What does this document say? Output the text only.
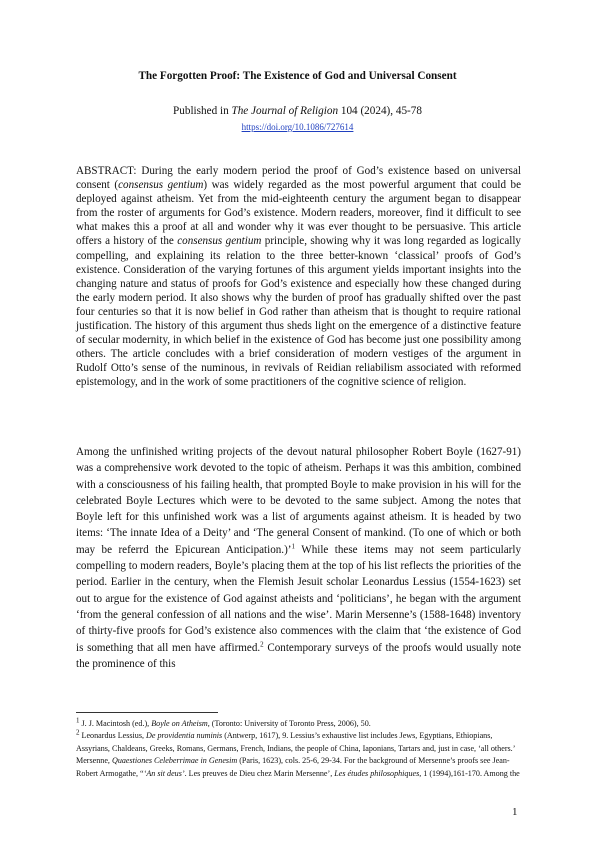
The Forgotten Proof: The Existence of God and Universal Consent
Published in The Journal of Religion 104 (2024), 45-78
https://doi.org/10.1086/727614
ABSTRACT: During the early modern period the proof of God’s existence based on universal consent (consensus gentium) was widely regarded as the most powerful argument that could be deployed against atheism. Yet from the mid-eighteenth century the argument began to disappear from the roster of arguments for God’s existence. Modern readers, moreover, find it difficult to see what makes this a proof at all and wonder why it was ever thought to be persuasive. This article offers a history of the consensus gentium principle, showing why it was long regarded as logically compelling, and explaining its relation to the three better-known ‘classical’ proofs of God’s existence. Consideration of the varying fortunes of this argument yields important insights into the changing nature and status of proofs for God’s existence and especially how these changed during the early modern period. It also shows why the burden of proof has gradually shifted over the past four centuries so that it is now belief in God rather than atheism that is thought to require rational justification. The history of this argument thus sheds light on the emergence of a distinctive feature of secular modernity, in which belief in the existence of God has become just one possibility among others. The article concludes with a brief consideration of modern vestiges of the argument in Rudolf Otto’s sense of the numinous, in revivals of Reidian reliabilism associated with reformed epistemology, and in the work of some practitioners of the cognitive science of religion.
Among the unfinished writing projects of the devout natural philosopher Robert Boyle (1627-91) was a comprehensive work devoted to the topic of atheism. Perhaps it was this ambition, combined with a consciousness of his failing health, that prompted Boyle to make provision in his will for the celebrated Boyle Lectures which were to be devoted to the same subject. Among the notes that Boyle left for this unfinished work was a list of arguments against atheism. It is headed by two items: ‘The innate Idea of a Deity’ and ‘The general Consent of mankind. (To one of which or both may be referrd the Epicurean Anticipation.)’$^1$ While these items may not seem particularly compelling to modern readers, Boyle’s placing them at the top of his list reflects the priorities of the period. Earlier in the century, when the Flemish Jesuit scholar Leonardus Lessius (1554-1623) set out to argue for the existence of God against atheists and ‘politicians’, he began with the argument ‘from the general confession of all nations and the wise’. Marin Mersenne’s (1588-1648) inventory of thirty-five proofs for God’s existence also commences with the claim that ‘the existence of God is something that all men have affirmed.$^2$ Contemporary surveys of the proofs would usually note the prominence of this

$^1$ J. J. Macintosh (ed.), Boyle on Atheism, (Toronto: University of Toronto Press, 2006), 50.

$^2$ Leonardus Lessius, De providentia numinis (Antwerp, 1617), 9. Lessius’s exhaustive list includes Jews, Egyptians, Ethiopians, Assyrians, Chaldeans, Greeks, Romans, Germans, French, Indians, the people of China, Iaponians, Tartars and, just in case, ‘all others.’ Mersenne, Quaestiones Celeberrimae in Genesim (Paris, 1623), cols. 25-6, 29-34. For the background of Mersenne’s proofs see Jean-Robert Armogathe, “‘An sit deus’. Les preuves de Dieu chez Marin Mersenne’, Les études philosophiques, 1 (1994),161-170. Among the

1
